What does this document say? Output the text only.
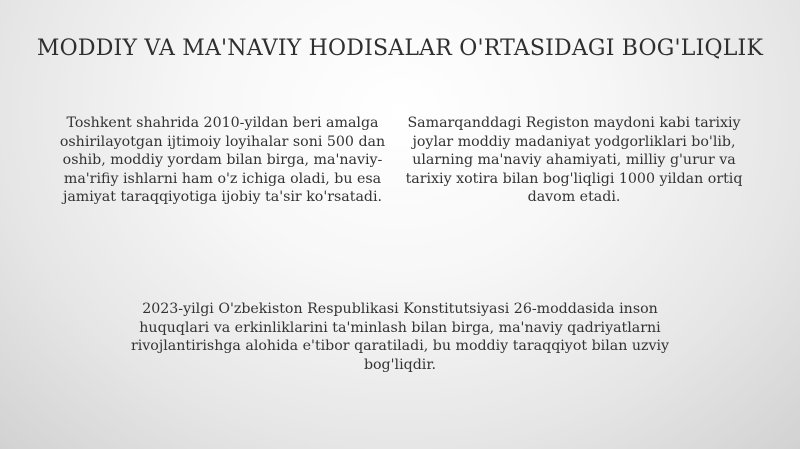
MODDIY VA MA'NAVIY HODISALAR O'RTASIDAGI BOG'LIQLIK
Toshkent shahrida 2010-yildan beri amalga oshirilayotgan ijtimoiy loyihalar soni 500 dan oshib, moddiy yordam bilan birga, ma'naviy-ma'rifiy ishlarni ham o'z ichiga oladi, bu esa jamiyat taraqqiyotiga ijobiy ta'sir ko'rsatadi.
Samarqanddagi Registon maydoni kabi tarixiy joylar moddiy madaniyat yodgorliklari bo'lib, ularning ma'naviy ahamiyati, milliy g'urur va tarixiy xotira bilan bog'liqligi 1000 yildan ortiq davom etadi.
2023-yilgi O'zbekiston Respublikasi Konstitutsiyasi 26-moddasida inson huquqlari va erkinliklarini ta'minlash bilan birga, ma'naviy qadriyatlarni rivojlantirishga alohida e'tibor qaratiladi, bu moddiy taraqqiyot bilan uzviy bog'liqdir.
